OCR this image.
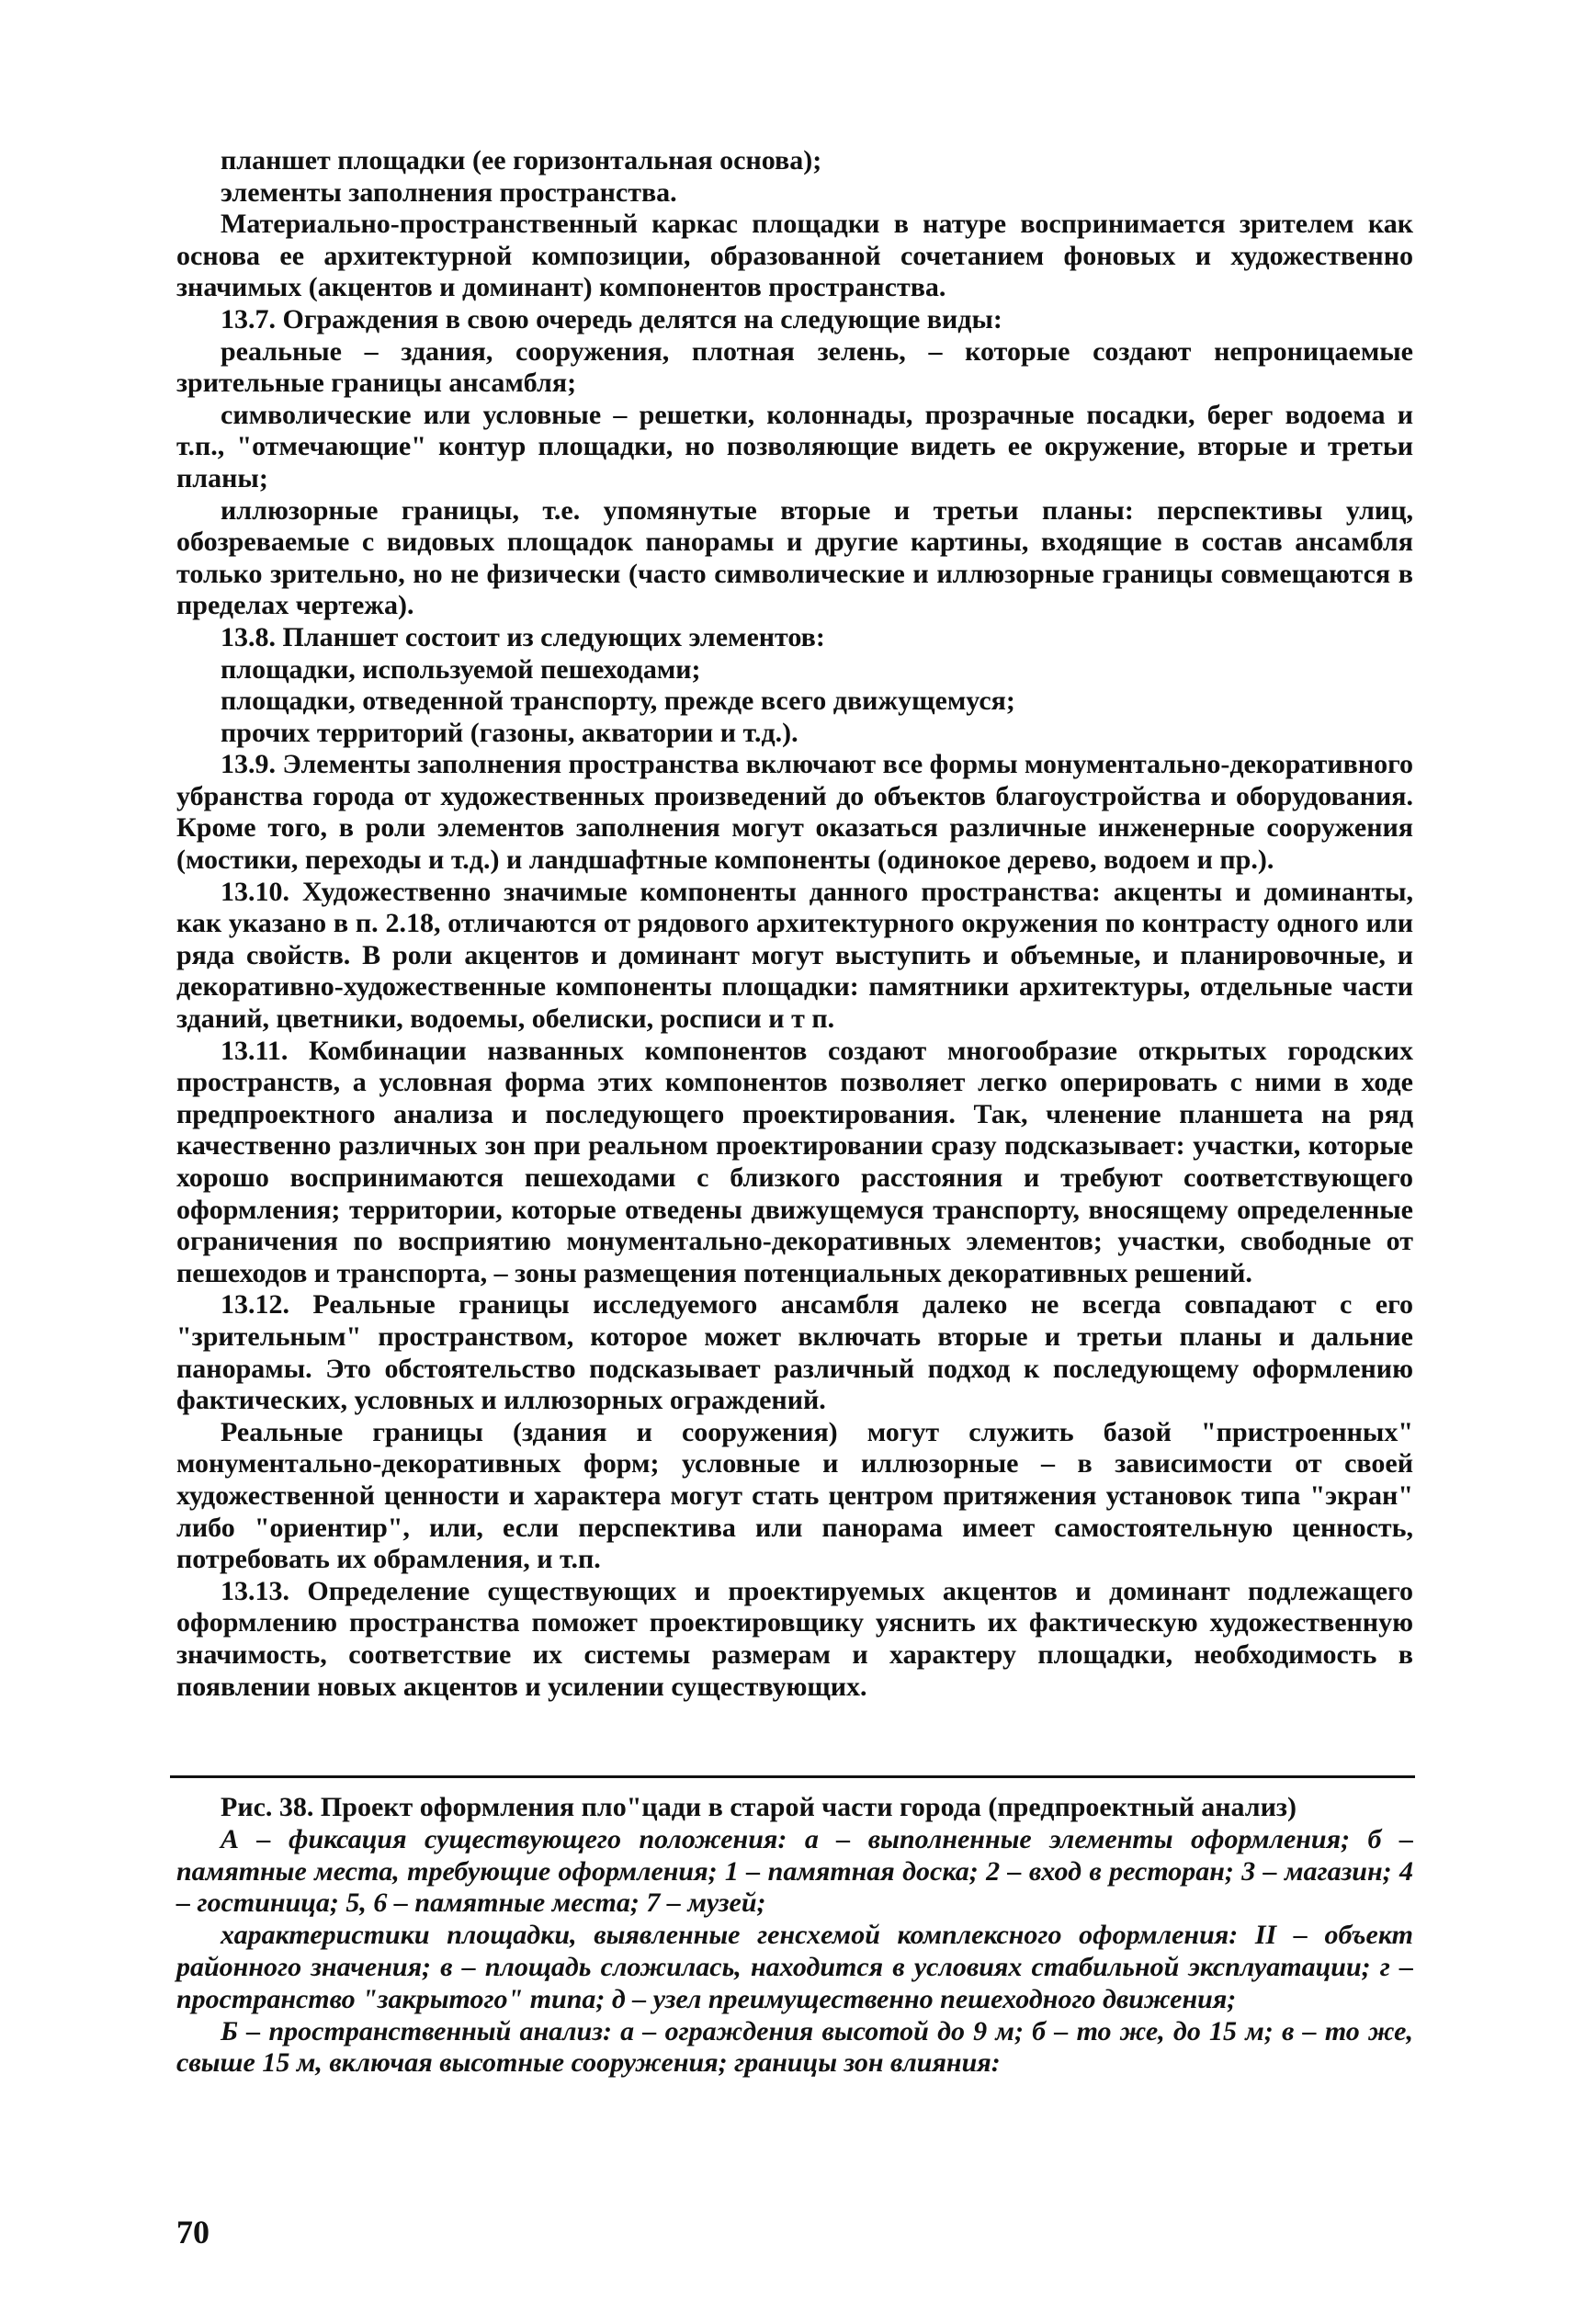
планшет площадки (ее горизонтальная основа);

элементы заполнения пространства.

Материально-пространственный каркас площадки в натуре воспринимается зрителем как основа ее архитектурной композиции, образованной сочетанием фоновых и художественно значимых (акцентов и доминант) компонентов пространства.

13.7. Ограждения в свою очередь делятся на следующие виды:

реальные – здания, сооружения, плотная зелень, – которые создают непроницаемые зрительные границы ансамбля;

символические или условные – решетки, колоннады, прозрачные посадки, берег водоема и т.п., "отмечающие" контур площадки, но позволяющие видеть ее окружение, вторые и третьи планы;

иллюзорные границы, т.е. упомянутые вторые и третьи планы: перспективы улиц, обозреваемые с видовых площадок панорамы и другие картины, входящие в состав ансамбля только зрительно, но не физически (часто символические и иллюзорные границы совмещаются в пределах чертежа).

13.8. Планшет состоит из следующих элементов:

площадки, используемой пешеходами;

площадки, отведенной транспорту, прежде всего движущемуся;

прочих территорий (газоны, акватории и т.д.).

13.9. Элементы заполнения пространства включают все формы монументально-декоративного убранства города от художественных произведений до объектов благоустройства и оборудования. Кроме того, в роли элементов заполнения могут оказаться различные инженерные сооружения (мостики, переходы и т.д.) и ландшафтные компоненты (одинокое дерево, водоем и пр.).

13.10. Художественно значимые компоненты данного пространства: акценты и доминанты, как указано в п. 2.18, отличаются от рядового архитектурного окружения по контрасту одного или ряда свойств. В роли акцентов и доминант могут выступить и объемные, и планировочные, и декоративно-художественные компоненты площадки: памятники архитектуры, отдельные части зданий, цветники, водоемы, обелиски, росписи и т п.

13.11. Комбинации названных компонентов создают многообразие открытых городских пространств, а условная форма этих компонентов позволяет легко оперировать с ними в ходе предпроектного анализа и последующего проектирования. Так, членение планшета на ряд качественно различных зон при реальном проектировании сразу подсказывает: участки, которые хорошо воспринимаются пешеходами с близкого расстояния и требуют соответствующего оформления; территории, которые отведены движущемуся транспорту, вносящему определенные ограничения по восприятию монументально-декоративных элементов; участки, свободные от пешеходов и транспорта, – зоны размещения потенциальных декоративных решений.

13.12. Реальные границы исследуемого ансамбля далеко не всегда совпадают с его "зрительным" пространством, которое может включать вторые и третьи планы и дальние панорамы. Это обстоятельство подсказывает различный подход к последующему оформлению фактических, условных и иллюзорных ограждений.

Реальные границы (здания и сооружения) могут служить базой "пристроенных" монументально-декоративных форм; условные и иллюзорные – в зависимости от своей художественной ценности и характера могут стать центром притяжения установок типа "экран" либо "ориентир", или, если перспектива или панорама имеет самостоятельную ценность, потребовать их обрамления, и т.п.

13.13. Определение существующих и проектируемых акцентов и доминант подлежащего оформлению пространства поможет проектировщику уяснить их фактическую художественную значимость, соответствие их системы размерам и характеру площадки, необходимость в появлении новых акцентов и усилении существующих.

Рис. 38. Проект оформления пло"цади в старой части города (предпроектный анализ)

А – фиксация существующего положения: а – выполненные элементы оформления; б – памятные места, требующие оформления; 1 – памятная доска; 2 – вход в ресторан; 3 – магазин; 4 – гостиница; 5, 6 – памятные места; 7 – музей;

характеристики площадки, выявленные генсхемой комплексного оформления: II – объект районного значения; в – площадь сложилась, находится в условиях стабильной эксплуатации; г – пространство "закрытого" типа; д – узел преимущественно пешеходного движения;

Б – пространственный анализ: а – ограждения высотой до 9 м; б – то же, до 15 м; в – то же, свыше 15 м, включая высотные сооружения; границы зон влияния:

70
